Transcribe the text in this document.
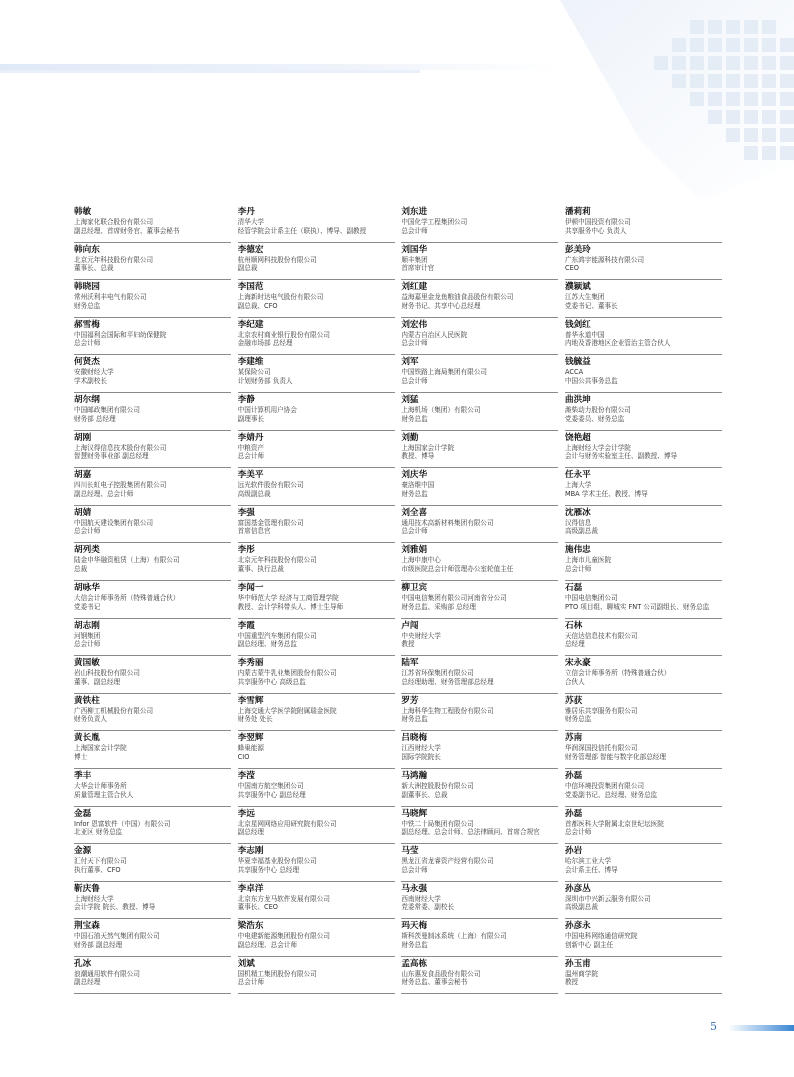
韩敏
上海家化联合股份有限公司
副总经理、首席财务官、董事会秘书
韩向东
北京元年科技股份有限公司
董事长、总裁
韩晓园
常州沃利丰电气有限公司
财务总监
郝雪梅
中国福利会国际和平妇幼保健院
总会计师
何贤杰
安徽财经大学
学术副校长
胡尔纲
中国邮政集团有限公司
财务部 总经理
胡刚
上海汉得信息技术股份有限公司
智慧财务事业部 副总经理
胡嘉
四川长虹电子控股集团有限公司
副总经理、总会计师
胡婧
中国航天建设集团有限公司
总会计师
胡列类
陆金申华融资租赁（上海）有限公司
总裁
胡咏华
大信会计师事务所（特殊普通合伙）
党委书记
胡志刚
河钢集团
总会计师
黄国敏
岩山科技股份有限公司
董事、副总经理
黄铁柱
广西柳工机械股份有限公司
财务负责人
黄长胤
上海国家会计学院
博士
季丰
大华会计师事务所
质量管理主管合伙人
金磊
Infor 恩富软件（中国）有限公司
北亚区 财务总监
金源
汇付天下有限公司
执行董事、CFO
靳庆鲁
上海财经大学
会计学院 院长、教授、博导
荆宝森
中国石油天然气集团有限公司
财务部 副总经理
孔冰
浪潮通用软件有限公司
副总经理
李丹
清华大学
经管学院会计系主任（联执）、博导、副教授
李德宏
杭州顺网科技股份有限公司
副总裁
李国范
上海新时达电气股份有限公司
副总裁、CFO
李纪建
北京农村商业银行股份有限公司
金融市场部 总经理
李建维
某保险公司
计划财务部 负责人
李静
中国计算机用户协会
副理事长
李婧丹
中粮资产
总会计师
李美平
远光软件股份有限公司
高级副总裁
李强
富国基金管理有限公司
首席信息官
李彤
北京元年科技股份有限公司
董事、执行总裁
李闻一
华中师范大学 经济与工商管理学院
教授、会计学科带头人、博士生导师
李霞
中国重型汽车集团有限公司
副总经理、财务总监
李秀丽
内蒙古蒙牛乳业集团股份有限公司
共享服务中心 高级总监
李雪辉
上海交通大学医学院附属瑞金医院
财务处 处长
李翌辉
蜂巢能源
CIO
李滢
中国南方航空集团公司
共享服务中心 副总经理
李远
北京星网网络应用研究院有限公司
副总经理
李志刚
华夏幸福基业股份有限公司
共享服务中心 总经理
李卓洋
北京东方龙马软件发展有限公司
董事长、CEO
梁浩东
中电建新能源集团股份有限公司
副总经理、总会计师
刘斌
国机精工集团股份有限公司
总会计师
刘东进
中国化学工程集团公司
总会计师
刘国华
顺丰集团
首席审计官
刘红建
益海嘉里金龙鱼粮油食品股份有限公司
财务书记、共享中心总经理
刘宏伟
内蒙古自治区人民医院
总会计师
刘军
中国铁路上海局集团有限公司
总会计师
刘猛
上海机场（集团）有限公司
财务总监
刘勤
上海国家会计学院
教授、博导
刘庆华
豪洛维中国
财务总监
刘全喜
通用技术高新材料集团有限公司
总会计师
刘雅娟
上海申康中心
市级医院总会计师管理办公室轮值主任
柳卫宾
中国电信集团有限公司河南省分公司
财务总监、采购部 总经理
卢闯
中央财经大学
教授
陆军
江苏省环保集团有限公司
总经理助理、财务管理部总经理
罗芳
上海科华生物工程股份有限公司
财务总监
吕晓梅
江西财经大学
国际学院院长
马鸿瀚
新大洲控股股份有限公司
副董事长、总裁
马晓辉
中铁二十局集团有限公司
副总经理、总会计师、总法律顾问、首席合规官
马莹
黑龙江省龙睿资产经营有限公司
总会计师
马永强
西南财经大学
党委常委、副校长
玛天梅
斯科茨曼制冰系统（上海）有限公司
财务总监
孟高栋
山东惠发食品股份有限公司
财务总监、董事会秘书
潘莉莉
伊顿中国投资有限公司
共享服务中心 负责人
彭美玲
广东鸿宇能源科技有限公司
CEO
濮颖斌
江苏大生集团
党委书记、董事长
钱剑红
普华永道中国
内地及香港地区企业管治主管合伙人
钱毓益
ACCA
中国公共事务总监
曲洪坤
潍柴动力股份有限公司
党委委员、财务总监
饶艳超
上海财经大学会计学院
会计与财务实验室主任、副教授、博导
任永平
上海大学
MBA 学术主任、教授、博导
沈雁冰
汉得信息
高级副总裁
施伟忠
上海市儿童医院
总会计师
石磊
中国电信集团公司
PTO 项目组、聊城实 FNT 公司副组长、财务总监
石林
天信达信息技术有限公司
总经理
宋永豪
立信会计师事务所（特殊普通合伙）
合伙人
苏获
雅居乐共享服务有限公司
财务总监
苏南
华润深国投信托有限公司
财务管理部 智能与数字化部总经理
孙磊
中信环境投资集团有限公司
党委副书记、总经理、财务总监
孙磊
首都医科大学附属北京世纪坛医院
总会计师
孙岩
哈尔滨工业大学
会计系主任、博导
孙彦丛
深圳市中兴新云服务有限公司
高级副总裁
孙彦永
中国电科网络通信研究院
创新中心 副主任
孙玉甫
温州商学院
教授
5
